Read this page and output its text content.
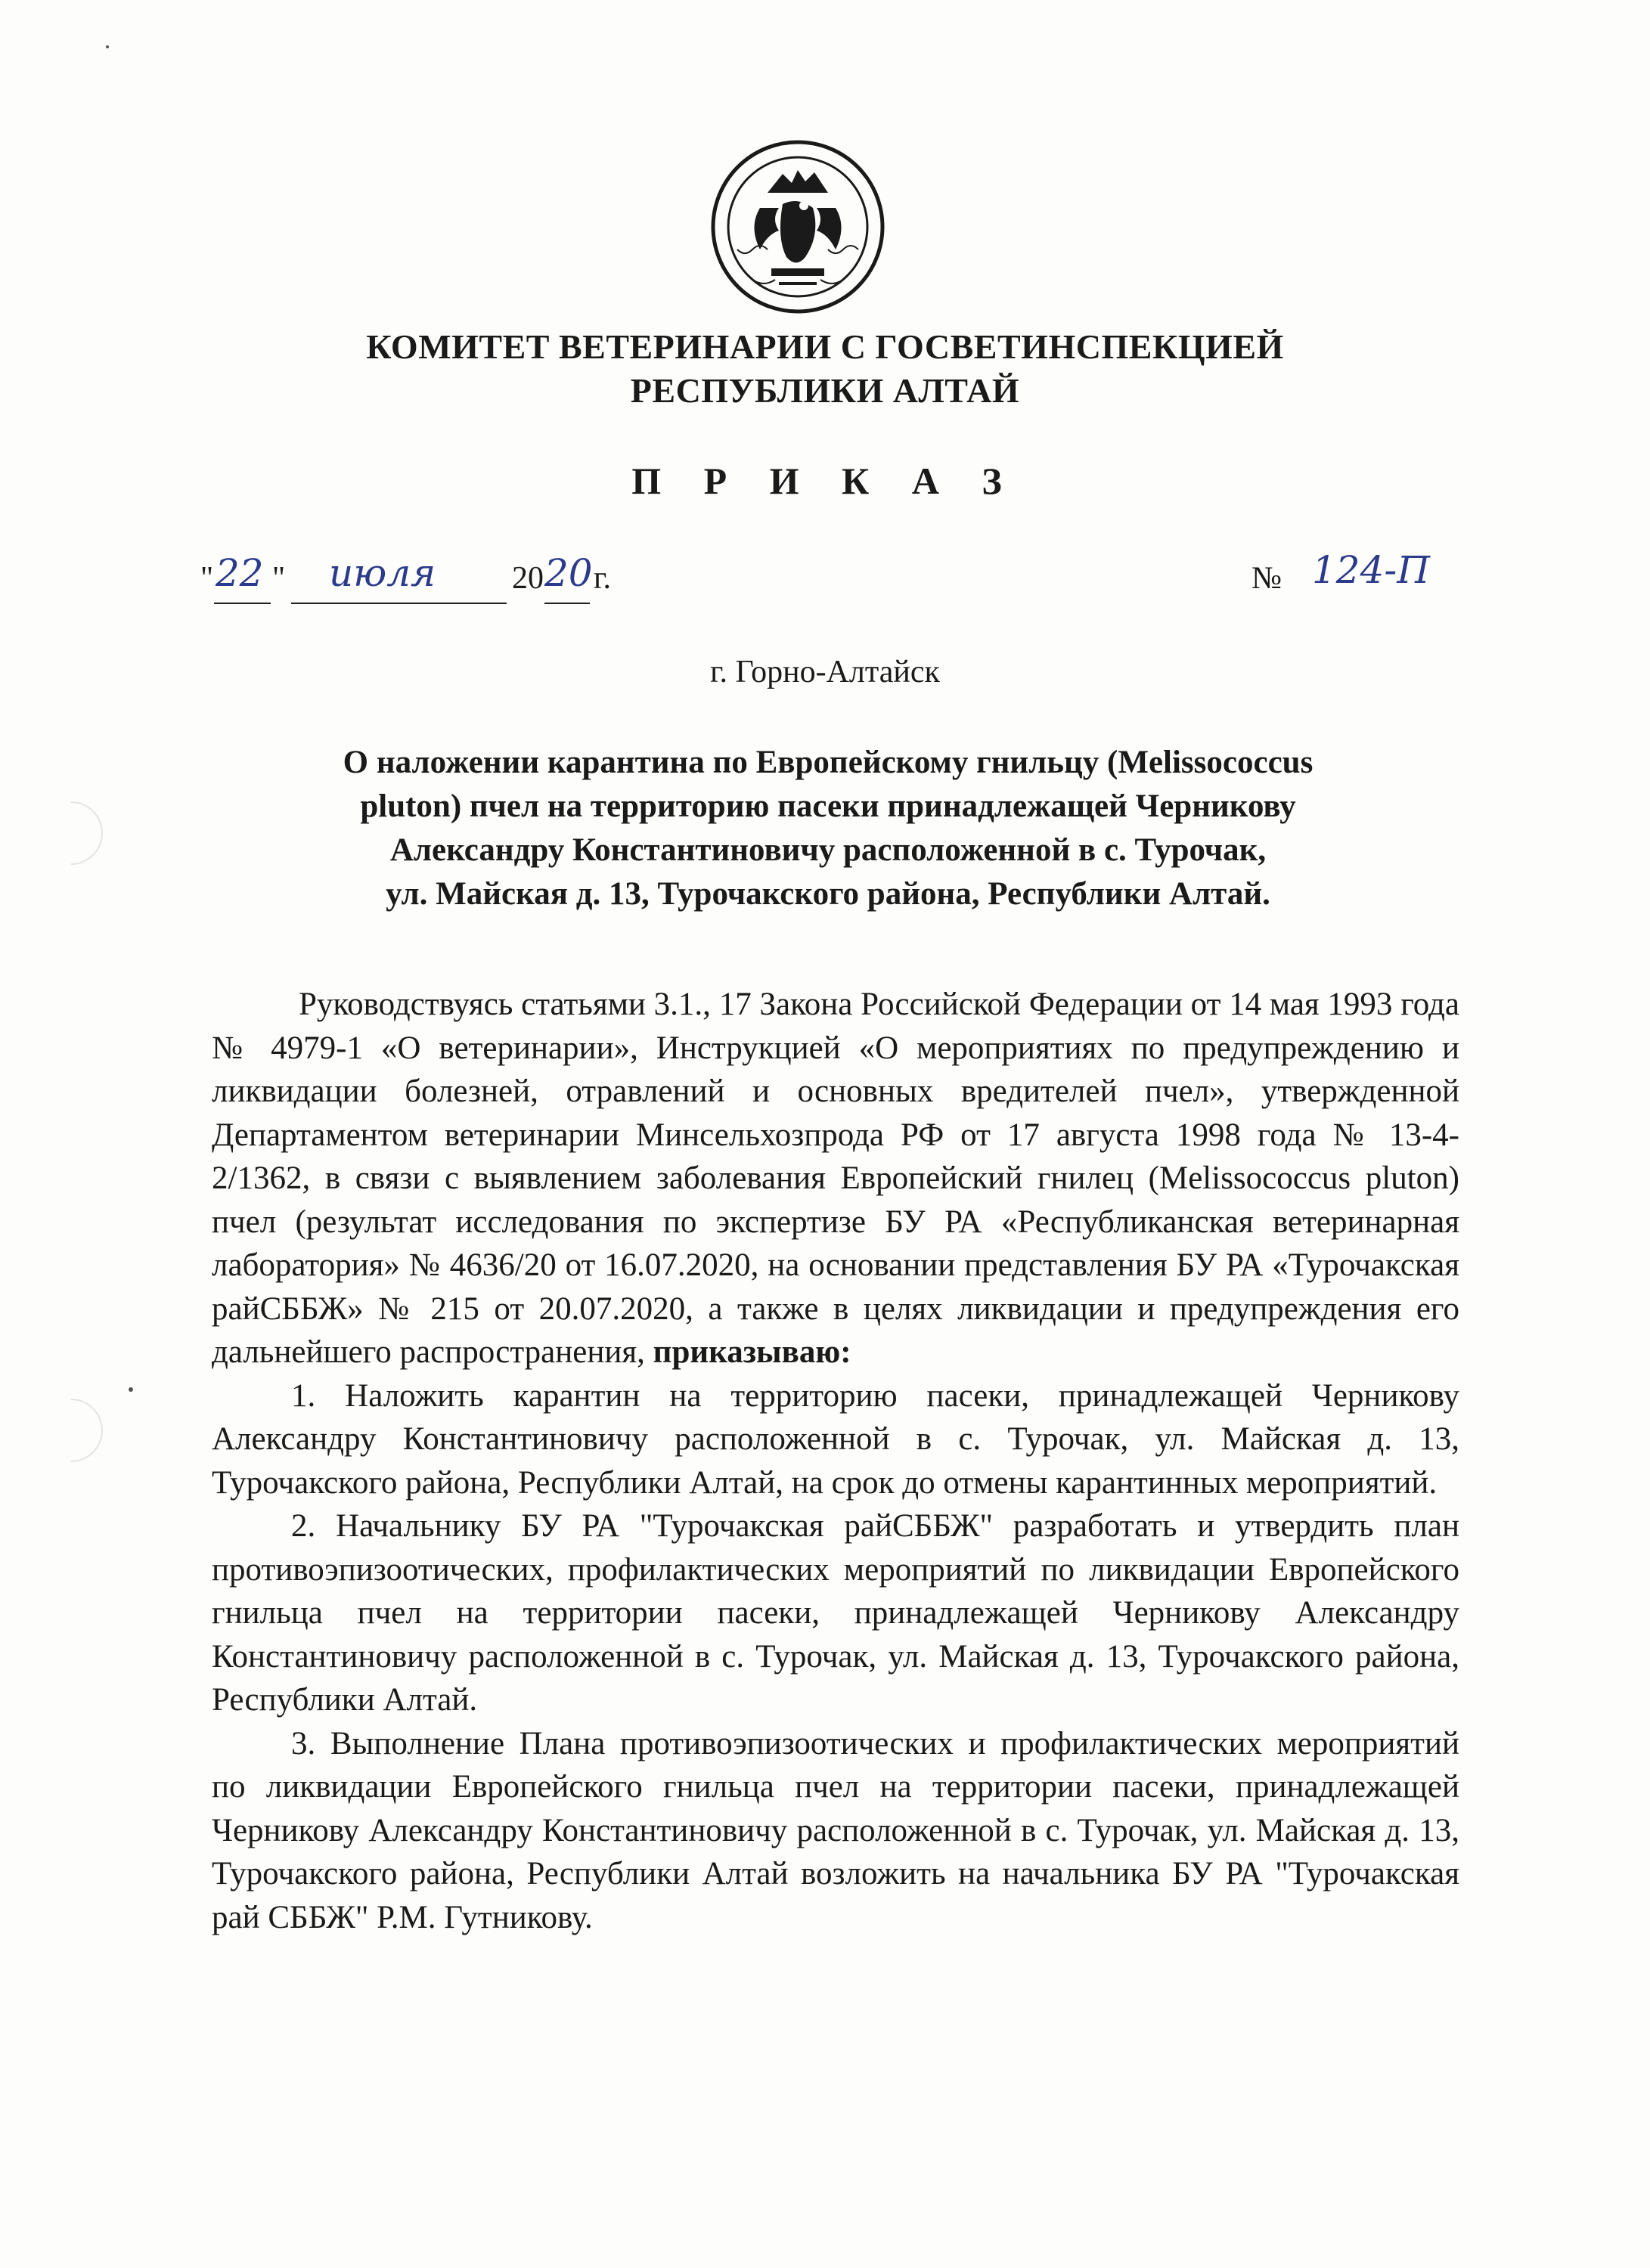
КОМИТЕТ ВЕТЕРИНАРИИ С ГОСВЕТИНСПЕКЦИЕЙ
РЕСПУБЛИКИ АЛТАЙ
П Р И К А З
" 22 " июля 20 20 г.	№ 124-П
г. Горно-Алтайск
О наложении карантина по Европейскому гнильцу (Melissococcus
pluton) пчел на территорию пасеки принадлежащей Черникову
Александру Константиновичу расположенной в с. Турочак,
ул. Майская д. 13, Турочакского района, Республики Алтай.

Руководствуясь статьями 3.1., 17 Закона Российской Федерации от 14 мая 1993 года № 4979-1 «О ветеринарии», Инструкцией «О мероприятиях по предупреждению и ликвидации болезней, отравлений и основных вредителей пчел», утвержденной Департаментом ветеринарии Минсельхозпрода РФ от 17 августа 1998 года № 13-4-2/1362, в связи с выявлением заболевания Европейский гнилец (Melissococcus pluton) пчел (результат исследования по экспертизе БУ РА «Республиканская ветеринарная лаборатория» № 4636/20 от 16.07.2020, на основании представления БУ РА «Турочакская райСББЖ» № 215 от 20.07.2020, а также в целях ликвидации и предупреждения его дальнейшего распространения, приказываю:

1. Наложить карантин на территорию пасеки, принадлежащей Черникову Александру Константиновичу расположенной в с. Турочак, ул. Майская д. 13, Турочакского района, Республики Алтай, на срок до отмены карантинных мероприятий.

2. Начальнику БУ РА "Турочакская райСББЖ" разработать и утвердить план противоэпизоотических, профилактических мероприятий по ликвидации Европейского гнильца пчел на территории пасеки, принадлежащей Черникову Александру Константиновичу расположенной в с. Турочак, ул. Майская д. 13, Турочакского района, Республики Алтай.

3. Выполнение Плана противоэпизоотических и профилактических мероприятий по ликвидации Европейского гнильца пчел на территории пасеки, принадлежащей Черникову Александру Константиновичу расположенной в с. Турочак, ул. Майская д. 13, Турочакского района, Республики Алтай возложить на начальника БУ РА "Турочакская рай СББЖ" Р.М. Гутникову.
